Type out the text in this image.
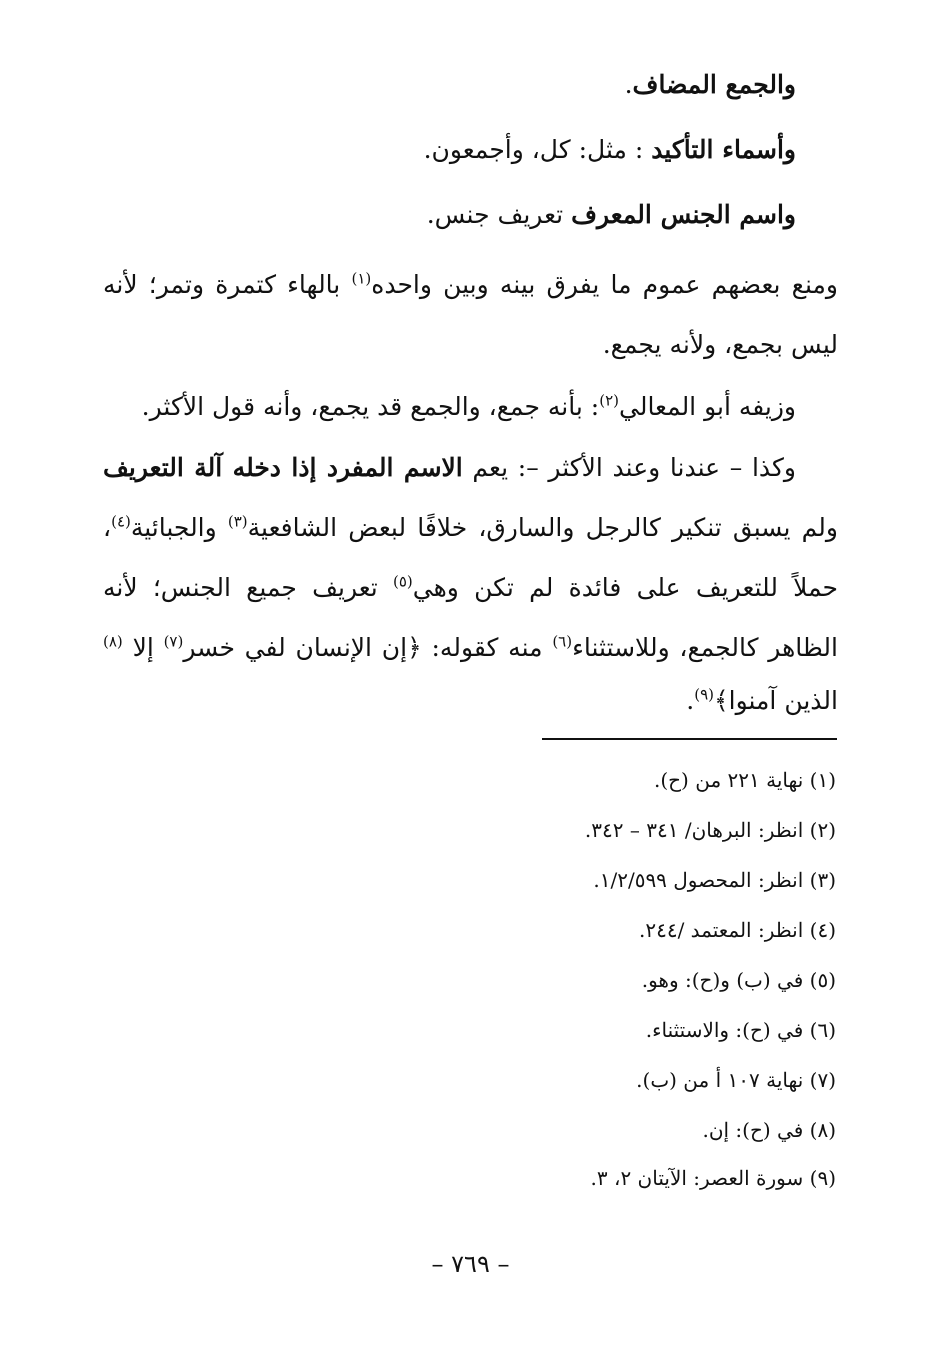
والجمع المضاف.
وأسماء التأكيد : مثل: كل، وأجمعون.
واسم الجنس المعرف تعريف جنس.
ومنع بعضهم عموم ما يفرق بينه وبين واحده$^{(١)}$ بالهاء كتمرة وتمر؛ لأنه
ليس بجمع، ولأنه يجمع.
وزيفه أبو المعالي$^{(٢)}$: بأنه جمع، والجمع قد يجمع، وأنه قول الأكثر.
وكذا – عندنا وعند الأكثر –: يعم الاسم المفرد إذا دخله آلة التعريف
ولم يسبق تنكير كالرجل والسارق، خلافًا لبعض الشافعية$^{(٣)}$ والجبائية$^{(٤)}$،
حملاً للتعريف على فائدة لم تكن وهي$^{(٥)}$ تعريف جميع الجنس؛ لأنه
الظاهر كالجمع، وللاستثناء$^{(٦)}$ منه كقوله: ﴿إن الإنسان لفي خسر$^{(٧)}$ إلا $^{(٨)}$
الذين آمنوا﴾$^{(٩)}$.
(١) نهاية ٢٢١ من (ح).
(٢) انظر: البرهان/ ٣٤١ – ٣٤٢.
(٣) انظر: المحصول ١/٢/٥٩٩.
(٤) انظر: المعتمد /٢٤٤.
(٥) في (ب) و(ح): وهو.
(٦) في (ح): والاستثناء.
(٧) نهاية ١٠٧ أ من (ب).
(٨) في (ح): إن.
(٩) سورة العصر: الآيتان ٢، ٣.
– ٧٦٩ –
